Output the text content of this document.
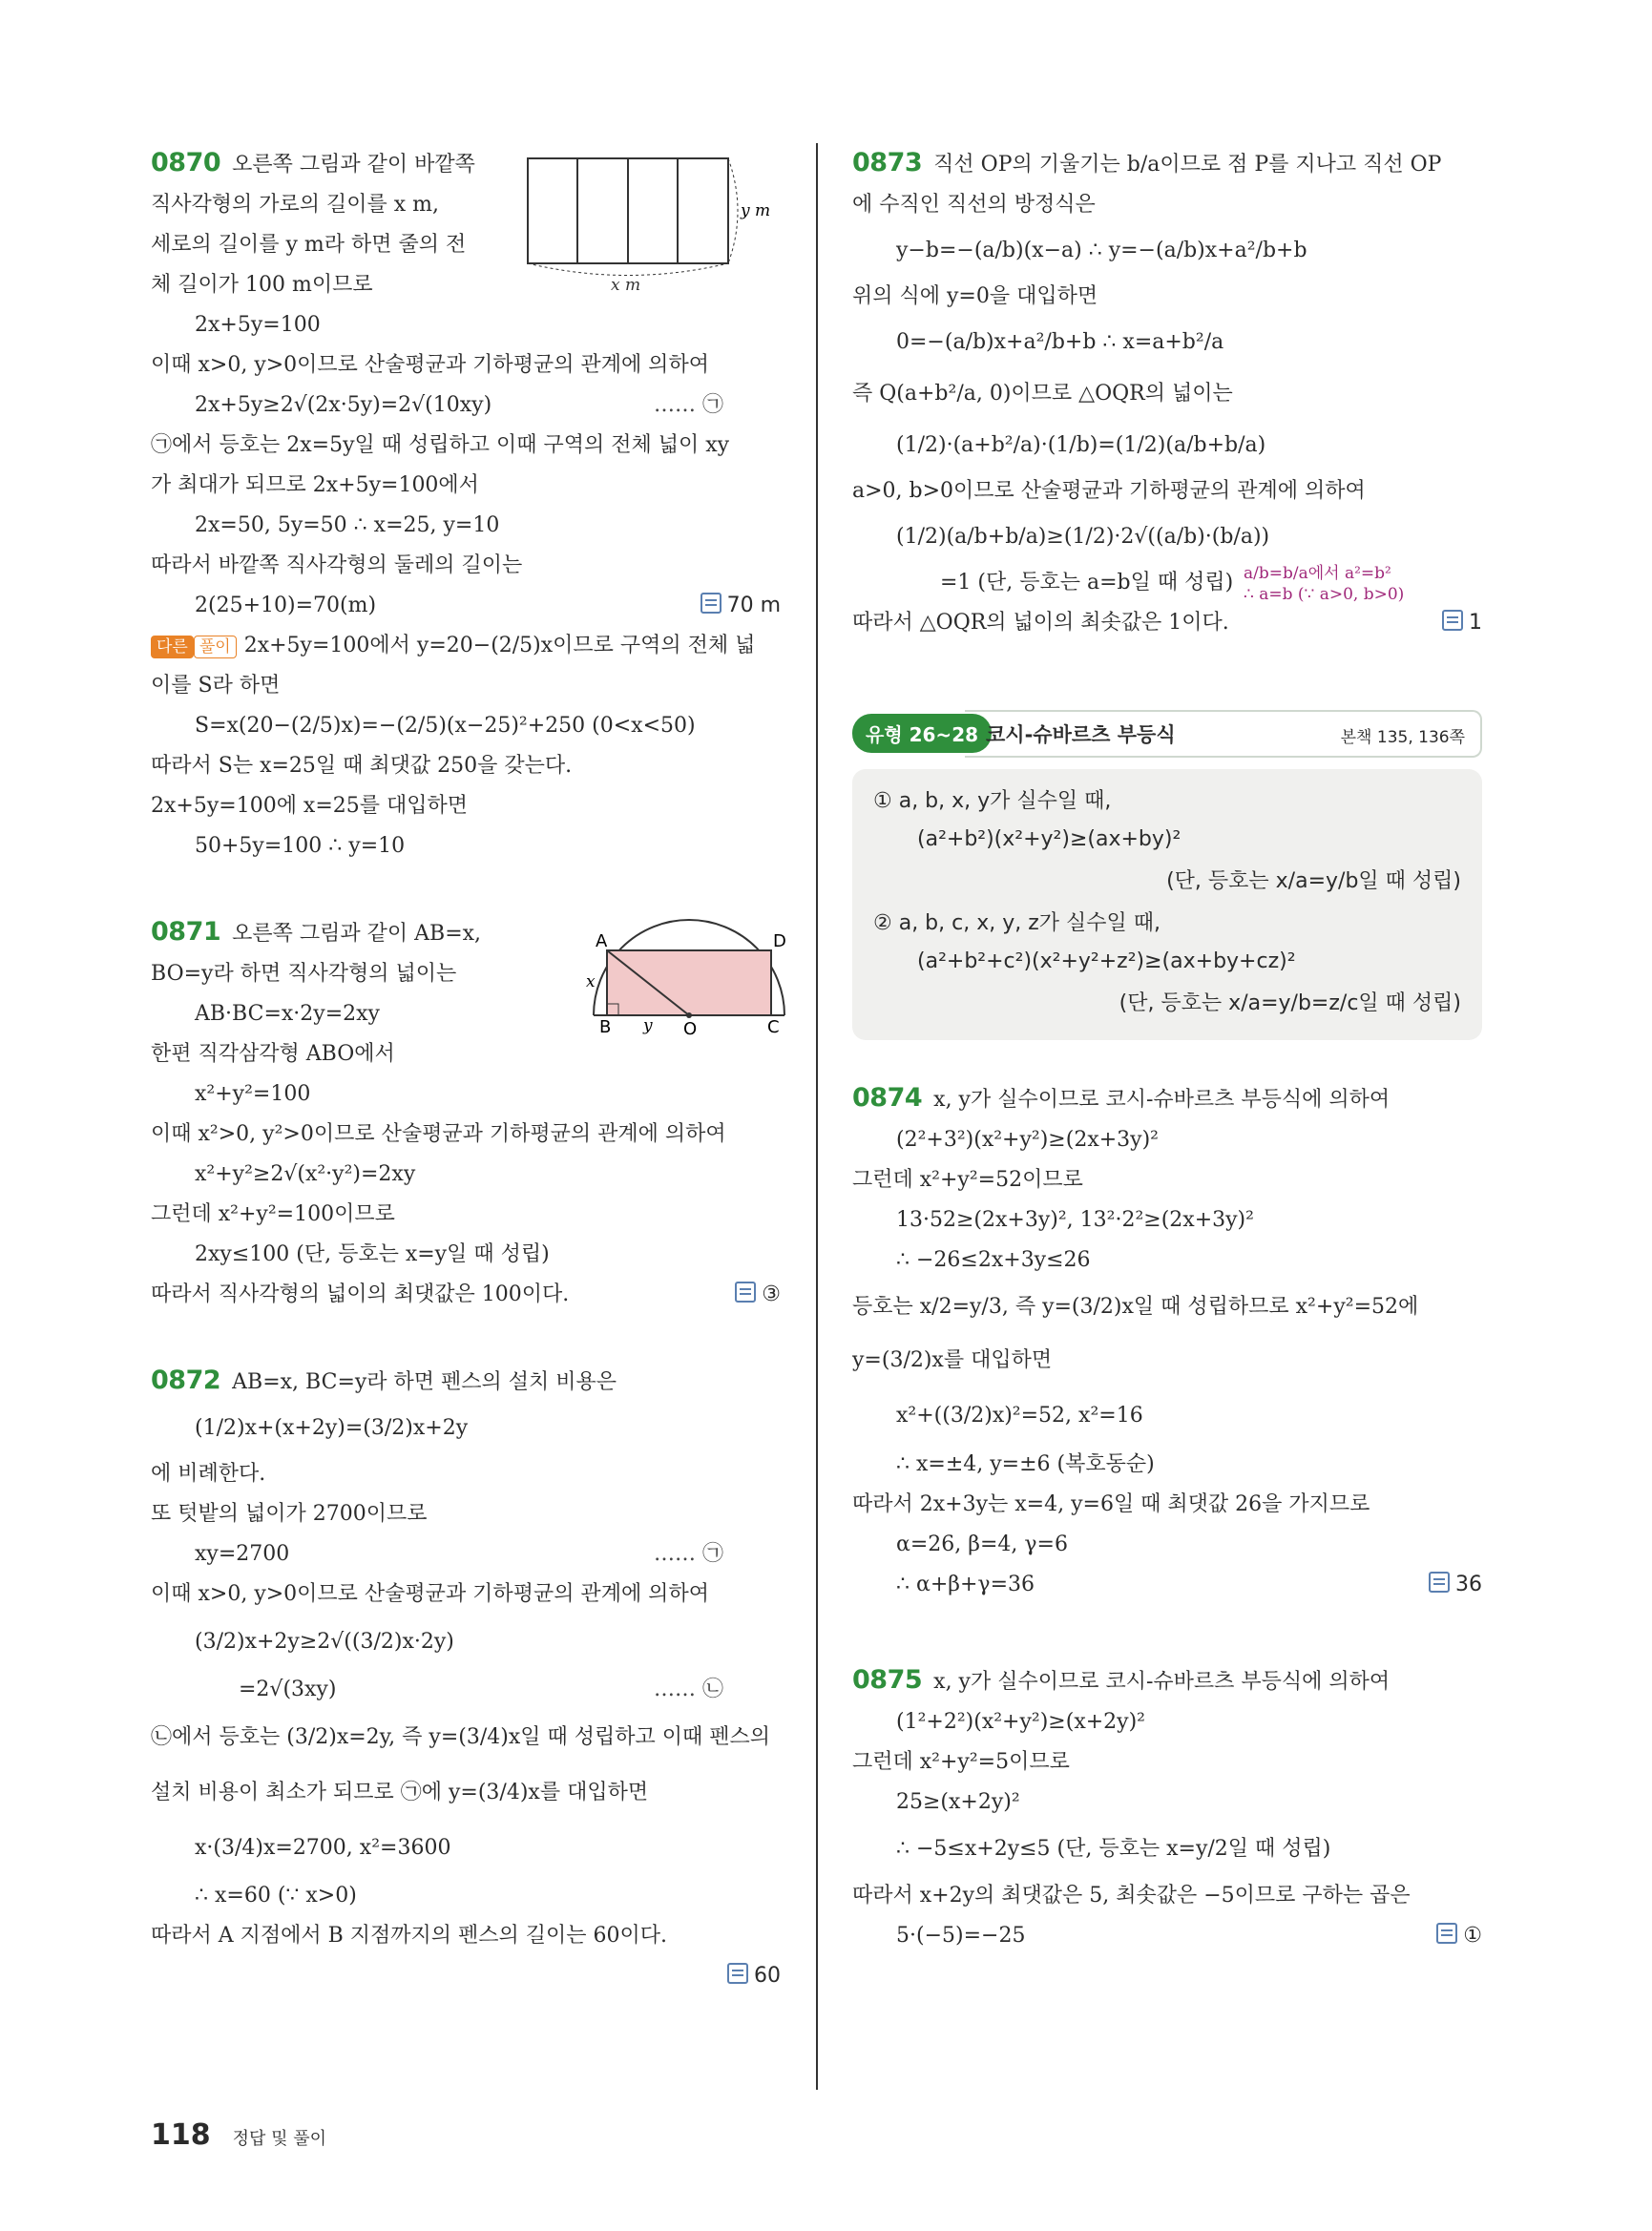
y m
x m
0870 오른쪽 그림과 같이 바깥쪽
직사각형의 가로의 길이를 x m,
세로의 길이를 y m라 하면 줄의 전
체 길이가 100 m이므로
2x+5y=100
이때 x>0, y>0이므로 산술평균과 기하평균의 관계에 의하여
2x+5y≥2√(2x·5y)=2√(10xy)	…… ㉠
㉠에서 등호는 2x=5y일 때 성립하고 이때 구역의 전체 넓이 xy
가 최대가 되므로 2x+5y=100에서
2x=50, 5y=50 ∴ x=25, y=10
따라서 바깥쪽 직사각형의 둘레의 길이는
2(25+10)=70(m)	70 m
다른 풀이 2x+5y=100에서 y=20−(2/5)x이므로 구역의 전체 넓
이를 S라 하면
S=x(20−(2/5)x)=−(2/5)(x−25)²+250 (0<x<50)
따라서 S는 x=25일 때 최댓값 250을 갖는다.
2x+5y=100에 x=25를 대입하면
50+5y=100 ∴ y=10
A	D
B	O	C
x
y
0871 오른쪽 그림과 같이 AB=x,
BO=y라 하면 직사각형의 넓이는
AB·BC=x·2y=2xy
한편 직각삼각형 ABO에서
x²+y²=100
이때 x²>0, y²>0이므로 산술평균과 기하평균의 관계에 의하여
x²+y²≥2√(x²·y²)=2xy
그런데 x²+y²=100이므로
2xy≤100 (단, 등호는 x=y일 때 성립)
따라서 직사각형의 넓이의 최댓값은 100이다.	③
0872 AB=x, BC=y라 하면 펜스의 설치 비용은
(1/2)x+(x+2y)=(3/2)x+2y
에 비례한다.
또 텃밭의 넓이가 2700이므로
xy=2700	…… ㉠
이때 x>0, y>0이므로 산술평균과 기하평균의 관계에 의하여
(3/2)x+2y≥2√((3/2)x·2y)
=2√(3xy)	…… ㉡
㉡에서 등호는 (3/2)x=2y, 즉 y=(3/4)x일 때 성립하고 이때 펜스의
설치 비용이 최소가 되므로 ㉠에 y=(3/4)x를 대입하면
x·(3/4)x=2700, x²=3600
∴ x=60 (∵ x>0)
따라서 A 지점에서 B 지점까지의 펜스의 길이는 60이다.
60

0873 직선 OP의 기울기는 b/a이므로 점 P를 지나고 직선 OP
에 수직인 직선의 방정식은
y−b=−(a/b)(x−a) ∴ y=−(a/b)x+a²/b+b
위의 식에 y=0을 대입하면
0=−(a/b)x+a²/b+b ∴ x=a+b²/a
즉 Q(a+b²/a, 0)이므로 △OQR의 넓이는
(1/2)·(a+b²/a)·(1/b)=(1/2)(a/b+b/a)
a>0, b>0이므로 산술평균과 기하평균의 관계에 의하여
(1/2)(a/b+b/a)≥(1/2)·2√((a/b)·(b/a))
a/b=b/a에서 a²=b²
∴ a=b (∵ a>0, b>0)
=1 (단, 등호는 a=b일 때 성립)
따라서 △OQR의 넓이의 최솟값은 1이다.	1
유형 26~28 코시-슈바르츠 부등식	본책 135, 136쪽
① a, b, x, y가 실수일 때,
(a²+b²)(x²+y²)≥(ax+by)²
(단, 등호는 x/a=y/b일 때 성립)
② a, b, c, x, y, z가 실수일 때,
(a²+b²+c²)(x²+y²+z²)≥(ax+by+cz)²
(단, 등호는 x/a=y/b=z/c일 때 성립)
0874 x, y가 실수이므로 코시-슈바르츠 부등식에 의하여
(2²+3²)(x²+y²)≥(2x+3y)²
그런데 x²+y²=52이므로
13·52≥(2x+3y)², 13²·2²≥(2x+3y)²
∴ −26≤2x+3y≤26
등호는 x/2=y/3, 즉 y=(3/2)x일 때 성립하므로 x²+y²=52에
y=(3/2)x를 대입하면
x²+((3/2)x)²=52, x²=16
∴ x=±4, y=±6 (복호동순)
따라서 2x+3y는 x=4, y=6일 때 최댓값 26을 가지므로
α=26, β=4, γ=6
∴ α+β+γ=36	36
0875 x, y가 실수이므로 코시-슈바르츠 부등식에 의하여
(1²+2²)(x²+y²)≥(x+2y)²
그런데 x²+y²=5이므로
25≥(x+2y)²
∴ −5≤x+2y≤5 (단, 등호는 x=y/2일 때 성립)
따라서 x+2y의 최댓값은 5, 최솟값은 −5이므로 구하는 곱은
5·(−5)=−25	①
118 정답 및 풀이
